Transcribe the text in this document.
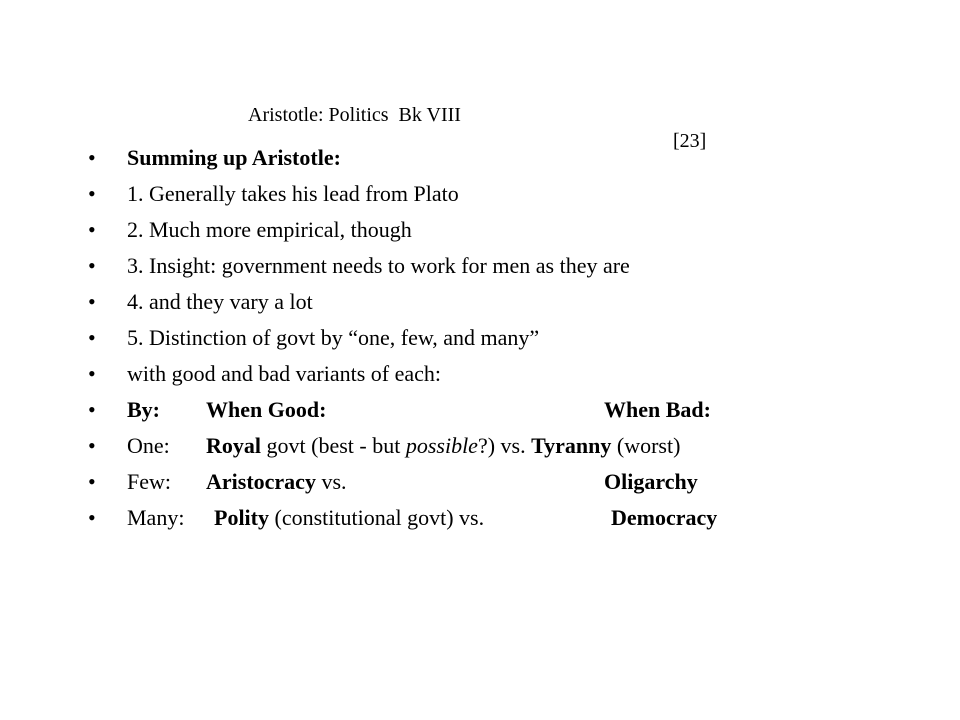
Aristotle: Politics  Bk VIII

[23]

• Summing up Aristotle:
• 1. Generally takes his lead from Plato
• 2. Much more empirical, though
• 3. Insight: government needs to work for men as they are
• 4. and they vary a lot
• 5. Distinction of govt by “one, few, and many”
• with good and bad variants of each:
• By: When Good:	When Bad:
• One: Royal govt (best - but possible?) vs. Tyranny (worst)
• Few: Aristocracy vs.	Oligarchy
• Many: Polity (constitutional govt) vs.	Democracy
